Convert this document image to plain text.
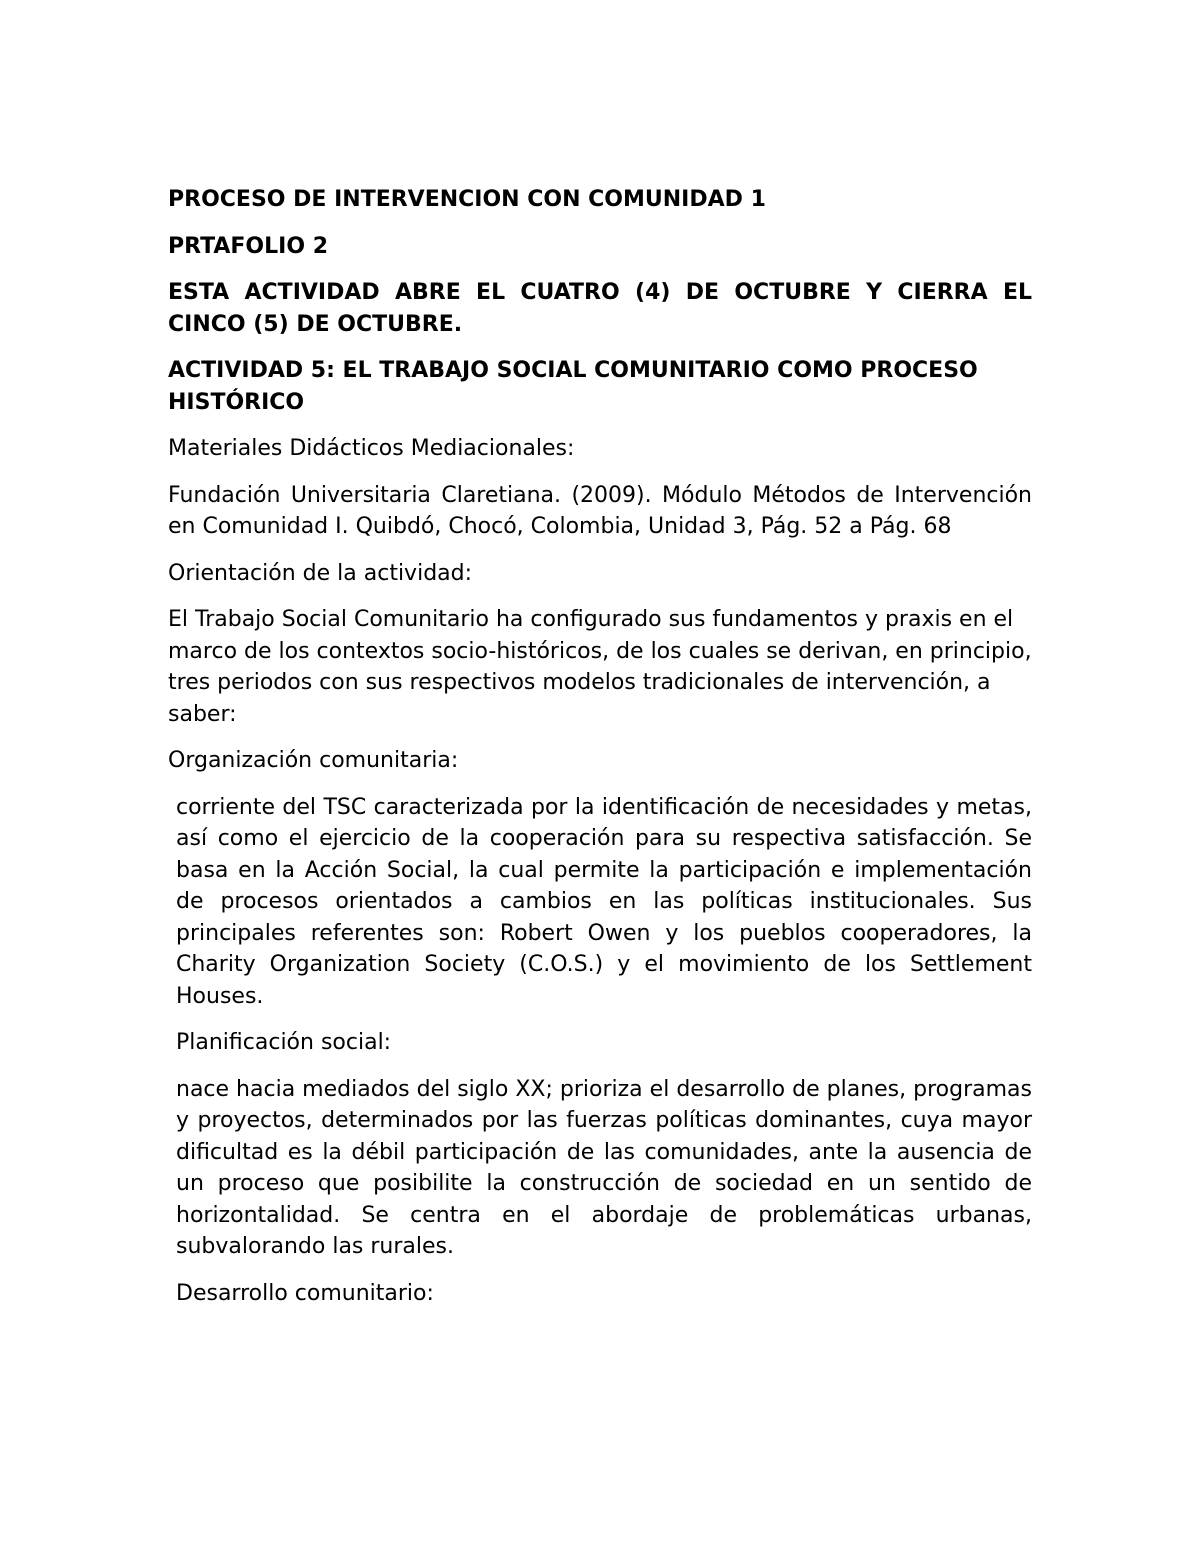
PROCESO DE INTERVENCION CON COMUNIDAD 1

PRTAFOLIO 2

ESTA ACTIVIDAD ABRE EL CUATRO (4) DE OCTUBRE Y CIERRA EL CINCO (5) DE OCTUBRE.

ACTIVIDAD 5: EL TRABAJO SOCIAL COMUNITARIO COMO PROCESO HISTÓRICO

Materiales Didácticos Mediacionales:

Fundación Universitaria Claretiana. (2009). Módulo Métodos de Intervención en Comunidad I. Quibdó, Chocó, Colombia, Unidad 3, Pág. 52 a Pág. 68

Orientación de la actividad:

El Trabajo Social Comunitario ha configurado sus fundamentos y praxis en el marco de los contextos socio-históricos, de los cuales se derivan, en principio, tres periodos con sus respectivos modelos tradicionales de intervención, a saber:

Organización comunitaria:

corriente del TSC caracterizada por la identificación de necesidades y metas, así como el ejercicio de la cooperación para su respectiva satisfacción. Se basa en la Acción Social, la cual permite la participación e implementación de procesos orientados a cambios en las políticas institucionales. Sus principales referentes son: Robert Owen y los pueblos cooperadores, la Charity Organization Society (C.O.S.) y el movimiento de los Settlement Houses.

Planificación social:

nace hacia mediados del siglo XX; prioriza el desarrollo de planes, programas y proyectos, determinados por las fuerzas políticas dominantes, cuya mayor dificultad es la débil participación de las comunidades, ante la ausencia de un proceso que posibilite la construcción de sociedad en un sentido de horizontalidad. Se centra en el abordaje de problemáticas urbanas, subvalorando las rurales.

Desarrollo comunitario:
